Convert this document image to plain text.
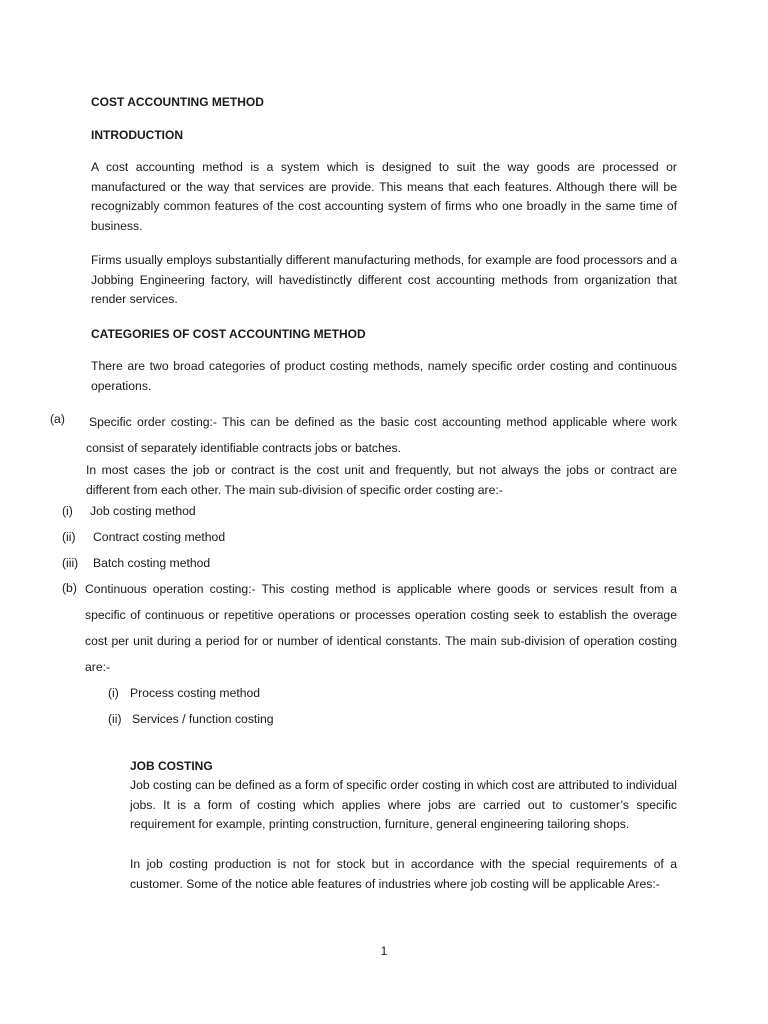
COST ACCOUNTING METHOD
INTRODUCTION
A cost accounting method is a system which is designed to suit the way goods are processed or manufactured or the way that services are provide. This means that each features. Although there will be recognizably common features of the cost accounting system of firms who one broadly in the same time of business.
Firms usually employs substantially different manufacturing methods, for example are food processors and a Jobbing Engineering factory, will havedistinctly different cost accounting methods from organization that render services.
CATEGORIES OF COST ACCOUNTING METHOD
There are two broad categories of product costing methods, namely specific order costing and continuous operations.
(a) Specific order costing:- This can be defined as the basic cost accounting method applicable where work consist of separately identifiable contracts jobs or batches.
In most cases the job or contract is the cost unit and frequently, but not always the jobs or contract are different from each other. The main sub-division of specific order costing are:-
(i) Job costing method
(ii) Contract costing method
(iii) Batch costing method
(b) Continuous operation costing:- This costing method is applicable where goods or services result from a specific of continuous or repetitive operations or processes operation costing seek to establish the overage cost per unit during a period for or number of identical constants. The main sub-division of operation costing are:-
(i) Process costing method
(ii) Services / function costing
JOB COSTING
Job costing can be defined as a form of specific order costing in which cost are attributed to individual jobs. It is a form of costing which applies where jobs are carried out to customer’s specific requirement for example, printing construction, furniture, general engineering tailoring shops.
In job costing production is not for stock but in accordance with the special requirements of a customer. Some of the notice able features of industries where job costing will be applicable Ares:-
1
